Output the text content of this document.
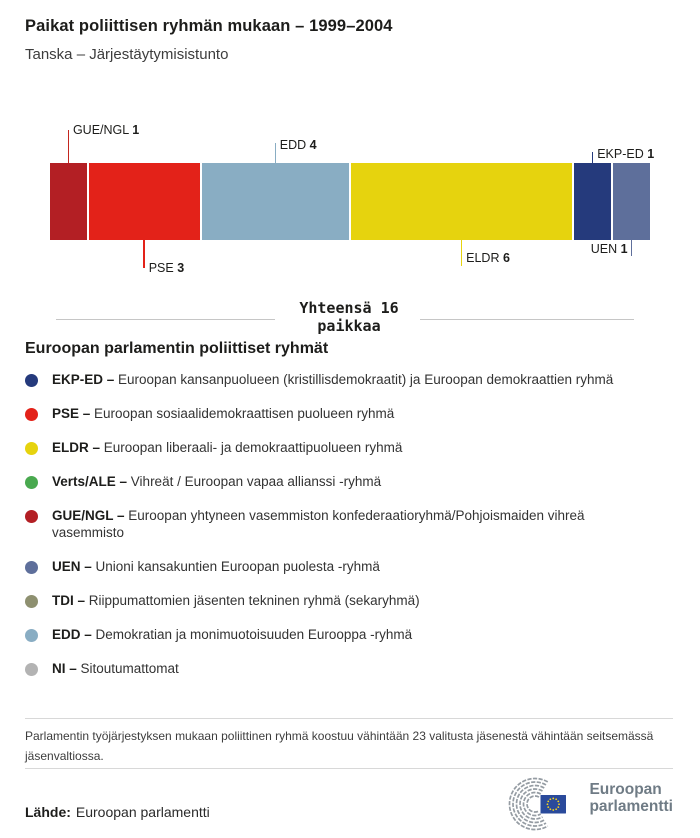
Paikat poliittisen ryhmän mukaan – 1999–2004
Tanska – Järjestäytymisistunto
GUE/NGL 1
PSE 3
EDD 4
ELDR 6
EKP-ED 1
UEN 1
Yhteensä 16 paikkaa
Euroopan parlamentin poliittiset ryhmät
EKP-ED – Euroopan kansanpuolueen (kristillisdemokraatit) ja Euroopan demokraattien ryhmä
PSE – Euroopan sosiaalidemokraattisen puolueen ryhmä
ELDR – Euroopan liberaali- ja demokraattipuolueen ryhmä
Verts/ALE – Vihreät / Euroopan vapaa allianssi -ryhmä
GUE/NGL – Euroopan yhtyneen vasemmiston konfederaatioryhmä/Pohjoismaiden vihreä vasemmisto
UEN – Unioni kansakuntien Euroopan puolesta -ryhmä
TDI – Riippumattomien jäsenten tekninen ryhmä (sekaryhmä)
EDD – Demokratian ja monimuotoisuuden Eurooppa -ryhmä
NI – Sitoutumattomat

Parlamentin työjärjestyksen mukaan poliittinen ryhmä koostuu vähintään 23 valitusta jäsenestä vähintään seitsemässä jäsenvaltiossa.

Lähde: Euroopan parlamentti

Euroopan
parlamentti
